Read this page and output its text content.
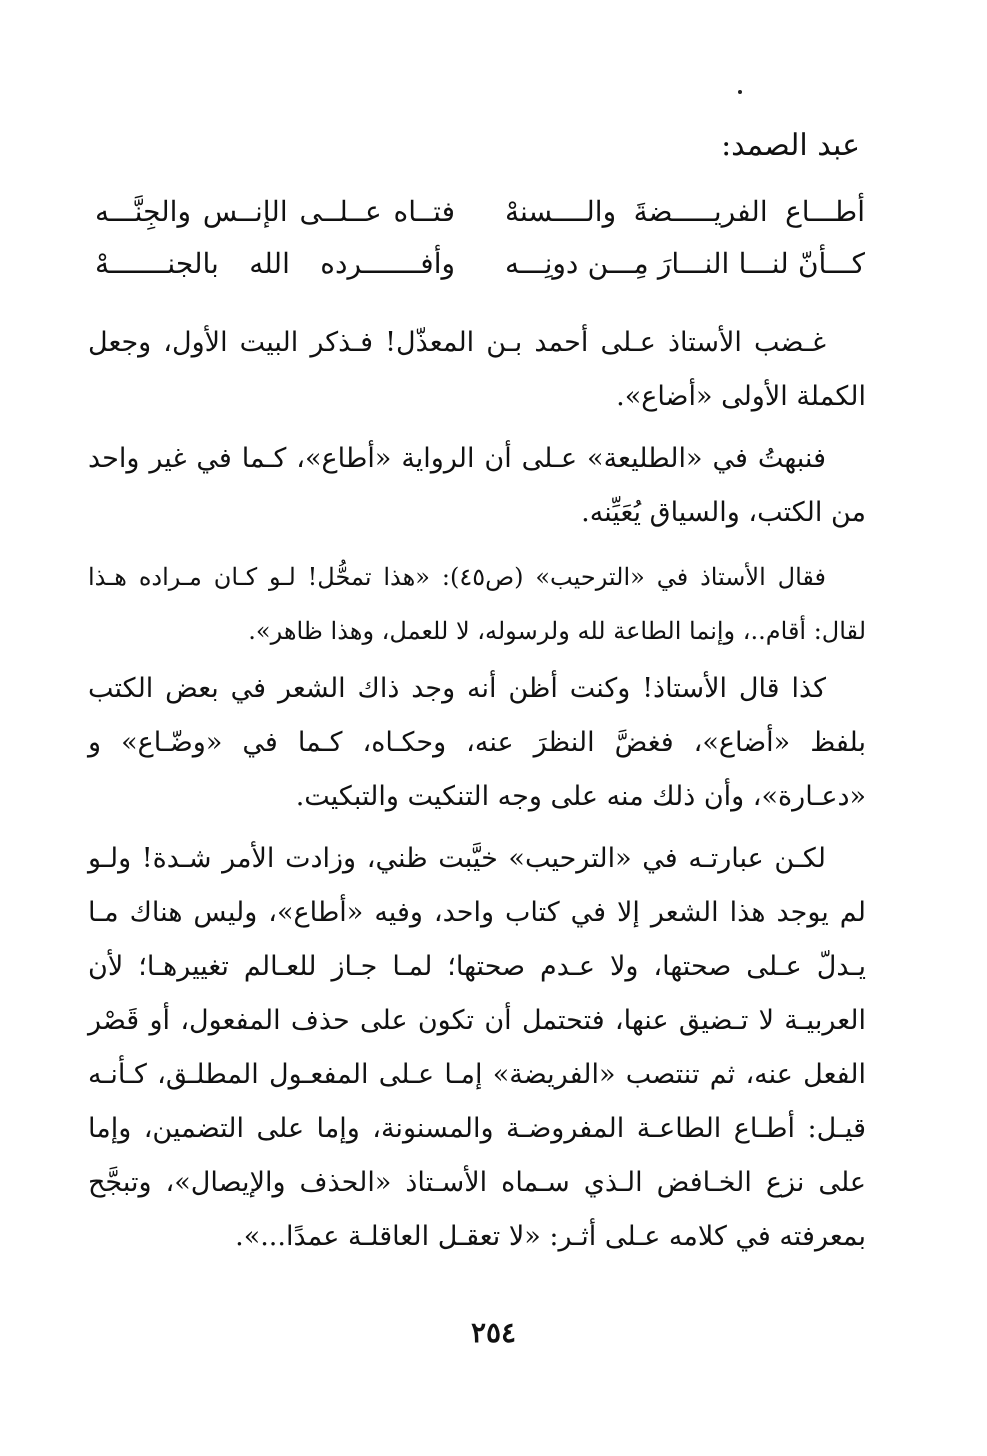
عبد الصمد:
أطـــاع الفريـــــضةَ والــــسنهْ
فتــاه عــلــى الإنــس والجِنَّـــه
كـــأنّ لنـــا النـــارَ مِـــن دونِـــه
وأفـــــــرده الله بالجنـــــــهْ

غـضب الأستاذ عـلى أحمد بـن المعذّل! فـذكر البيت الأول، وجعل الكملة الأولى «أضاع».

فنبهتُ في «الطليعة» عـلى أن الرواية «أطاع»، كـما في غير واحد من الكتب، والسياق يُعَيِّنه.

فقال الأستاذ في «الترحيب» (ص٤٥): «هذا تمحُّل! لـو كـان مـراده هـذا لقال: أقام..، وإنما الطاعة لله ولرسوله، لا للعمل، وهذا ظاهر».

كذا قال الأستاذ! وكنت أظن أنه وجد ذاك الشعر في بعض الكتب بلفظ «أضاع»، فغضَّ النظرَ عنه، وحكـاه، كـما في «وضّـاع» و «دعـارة»، وأن ذلك منه على وجه التنكيت والتبكيت.

لكـن عبارتـه في «الترحيب» خيَّبت ظني، وزادت الأمر شـدة! ولـو لم يوجد هذا الشعر إلا في كتاب واحد، وفيه «أطاع»، وليس هناك مـا يـدلّ عـلى صحتها، ولا عـدم صحتها؛ لمـا جـاز للعـالم تغييرهـا؛ لأن العربيـة لا تـضيق عنها، فتحتمل أن تكون على حذف المفعول، أو قَصْر الفعل عنه، ثم تنتصب «الفريضة» إمـا عـلى المفعـول المطلـق، كـأنـه قيـل: أطـاع الطاعـة المفروضـة والمسنونة، وإما على التضمين، وإما على نزع الخـافض الـذي سـماه الأسـتاذ «الحذف والإيصال»، وتبجَّح بمعرفته في كلامه عـلى أثـر: «لا تعقـل العاقلـة عمدًا...».

٢٥٤
